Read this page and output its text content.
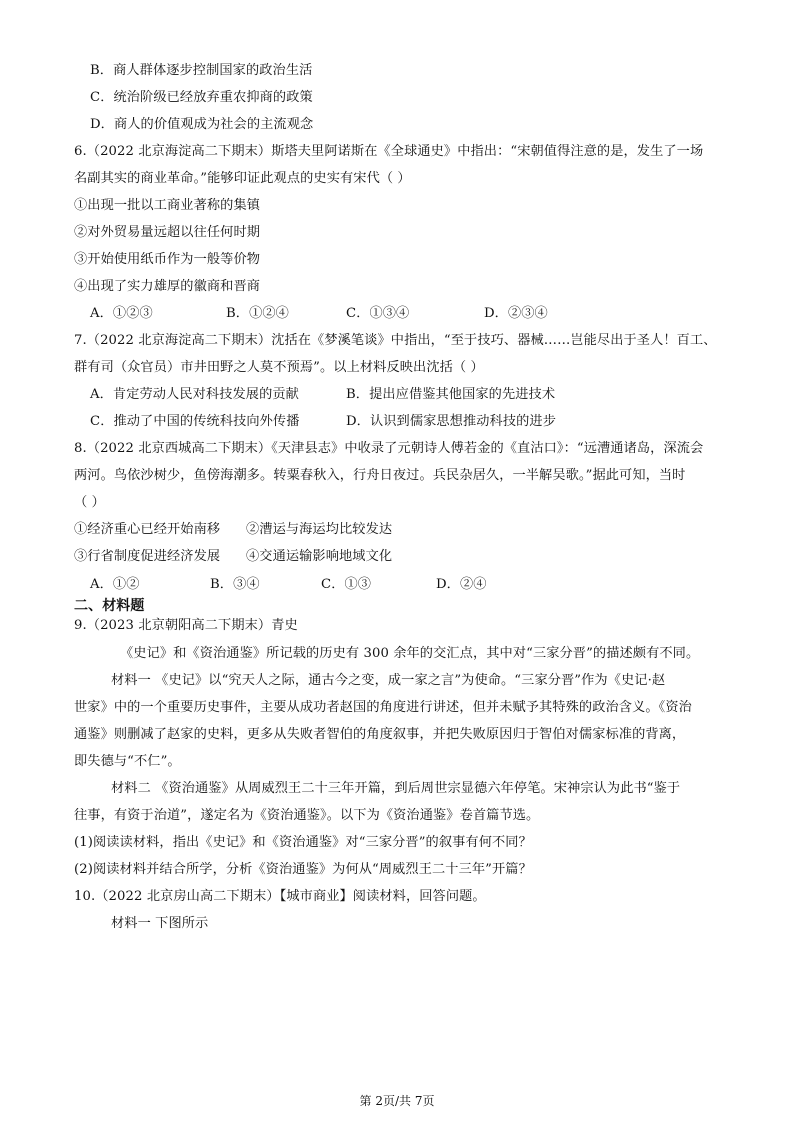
B．商人群体逐步控制国家的政治生活
C．统治阶级已经放弃重农抑商的政策
D．商人的价值观成为社会的主流观念
6.（2022 北京海淀高二下期末）斯塔夫里阿诺斯在《全球通史》中指出：“宋朝值得注意的是，发生了一场
名副其实的商业革命。”能够印证此观点的史实有宋代（ ）
①出现一批以工商业著称的集镇
②对外贸易量远超以往任何时期
③开始使用纸币作为一般等价物
④出现了实力雄厚的徽商和晋商
A．①②③	B．①②④	C．①③④	D．②③④
7.（2022 北京海淀高二下期末）沈括在《梦溪笔谈》中指出，“至于技巧、器械……岂能尽出于圣人！百工、
群有司（众官员）市井田野之人莫不预焉”。以上材料反映出沈括（ ）
A．肯定劳动人民对科技发展的贡献	B．提出应借鉴其他国家的先进技术
C．推动了中国的传统科技向外传播	D．认识到儒家思想推动科技的进步
8.（2022 北京西城高二下期末）《天津县志》中收录了元朝诗人傅若金的《直沽口》：“远漕通诸岛，深流会
两河。鸟依沙树少，鱼傍海潮多。转粟春秋入，行舟日夜过。兵民杂居久，一半解吴歌。”据此可知，当时
（ ）
①经济重心已经开始南移 ②漕运与海运均比较发达
③行省制度促进经济发展 ④交通运输影响地域文化
A．①②	B．③④	C．①③	D．②④
二、材料题
9.（2023 北京朝阳高二下期末）青史
《史记》和《资治通鉴》所记载的历史有 300 余年的交汇点，其中对“三家分晋”的描述颇有不同。
材料一 《史记》以“究天人之际，通古今之变，成一家之言”为使命。“三家分晋”作为《史记·赵
世家》中的一个重要历史事件，主要从成功者赵国的角度进行讲述，但并未赋予其特殊的政治含义。《资治
通鉴》则删减了赵家的史料，更多从失败者智伯的角度叙事，并把失败原因归于智伯对儒家标准的背离，
即失德与“不仁”。
材料二 《资治通鉴》从周威烈王二十三年开篇，到后周世宗显德六年停笔。宋神宗认为此书“鉴于
往事，有资于治道”，遂定名为《资治通鉴》。以下为《资治通鉴》卷首篇节选。
(1)阅读读材料，指出《史记》和《资治通鉴》对“三家分晋”的叙事有何不同？
(2)阅读材料并结合所学，分析《资治通鉴》为何从“周威烈王二十三年”开篇？
10.（2022 北京房山高二下期末）【城市商业】阅读材料，回答问题。
材料一 下图所示
第 2页/共 7页
